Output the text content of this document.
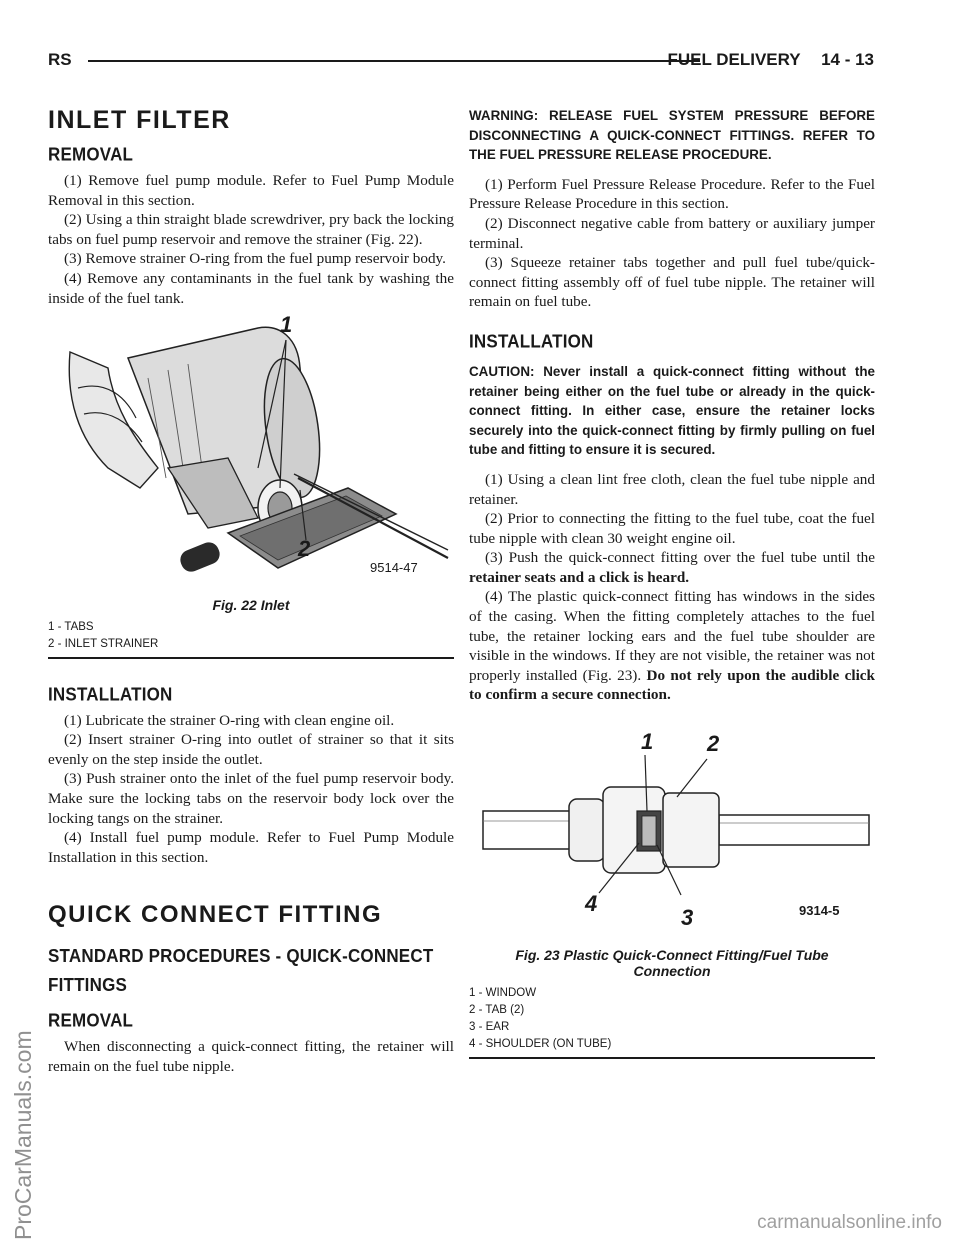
RS	FUEL DELIVERY 14 - 13
INLET FILTER
REMOVAL

(1) Remove fuel pump module. Refer to Fuel Pump Module Removal in this section.

(2) Using a thin straight blade screwdriver, pry back the locking tabs on fuel pump reservoir and remove the strainer (Fig. 22).

(3) Remove strainer O-ring from the fuel pump reservoir body.

(4) Remove any contaminants in the fuel tank by washing the inside of the fuel tank.

1
2
9514-47
Fig. 22 Inlet
1 - TABS
2 - INLET STRAINER
INSTALLATION

(1) Lubricate the strainer O-ring with clean engine oil.

(2) Insert strainer O-ring into outlet of strainer so that it sits evenly on the step inside the outlet.

(3) Push strainer onto the inlet of the fuel pump reservoir body. Make sure the locking tabs on the reservoir body lock over the locking tangs on the strainer.

(4) Install fuel pump module. Refer to Fuel Pump Module Installation in this section.

QUICK CONNECT FITTING
STANDARD PROCEDURES - QUICK-CONNECT FITTINGS
REMOVAL

When disconnecting a quick-connect fitting, the retainer will remain on the fuel tube nipple.

WARNING: RELEASE FUEL SYSTEM PRESSURE BEFORE DISCONNECTING A QUICK-CONNECT FITTINGS. REFER TO THE FUEL PRESSURE RELEASE PROCEDURE.

(1) Perform Fuel Pressure Release Procedure. Refer to the Fuel Pressure Release Procedure in this section.

(2) Disconnect negative cable from battery or auxiliary jumper terminal.

(3) Squeeze retainer tabs together and pull fuel tube/quick-connect fitting assembly off of fuel tube nipple. The retainer will remain on fuel tube.

INSTALLATION
CAUTION: Never install a quick-connect fitting without the retainer being either on the fuel tube or already in the quick-connect fitting. In either case, ensure the retainer locks securely into the quick-connect fitting by firmly pulling on fuel tube and fitting to ensure it is secured.

(1) Using a clean lint free cloth, clean the fuel tube nipple and retainer.

(2) Prior to connecting the fitting to the fuel tube, coat the fuel tube nipple with clean 30 weight engine oil.

(3) Push the quick-connect fitting over the fuel tube until the retainer seats and a click is heard.

(4) The plastic quick-connect fitting has windows in the sides of the casing. When the fitting completely attaches to the fuel tube, the retainer locking ears and the fuel tube shoulder are visible in the windows. If they are not visible, the retainer was not properly installed (Fig. 23). Do not rely upon the audible click to confirm a secure connection.

1 2
4
3	9314-5
Fig. 23 Plastic Quick-Connect Fitting/Fuel Tube Connection
1 - WINDOW
2 - TAB (2)
3 - EAR
4 - SHOULDER (ON TUBE)
ProCarManuals.com	carmanualsonline.info
